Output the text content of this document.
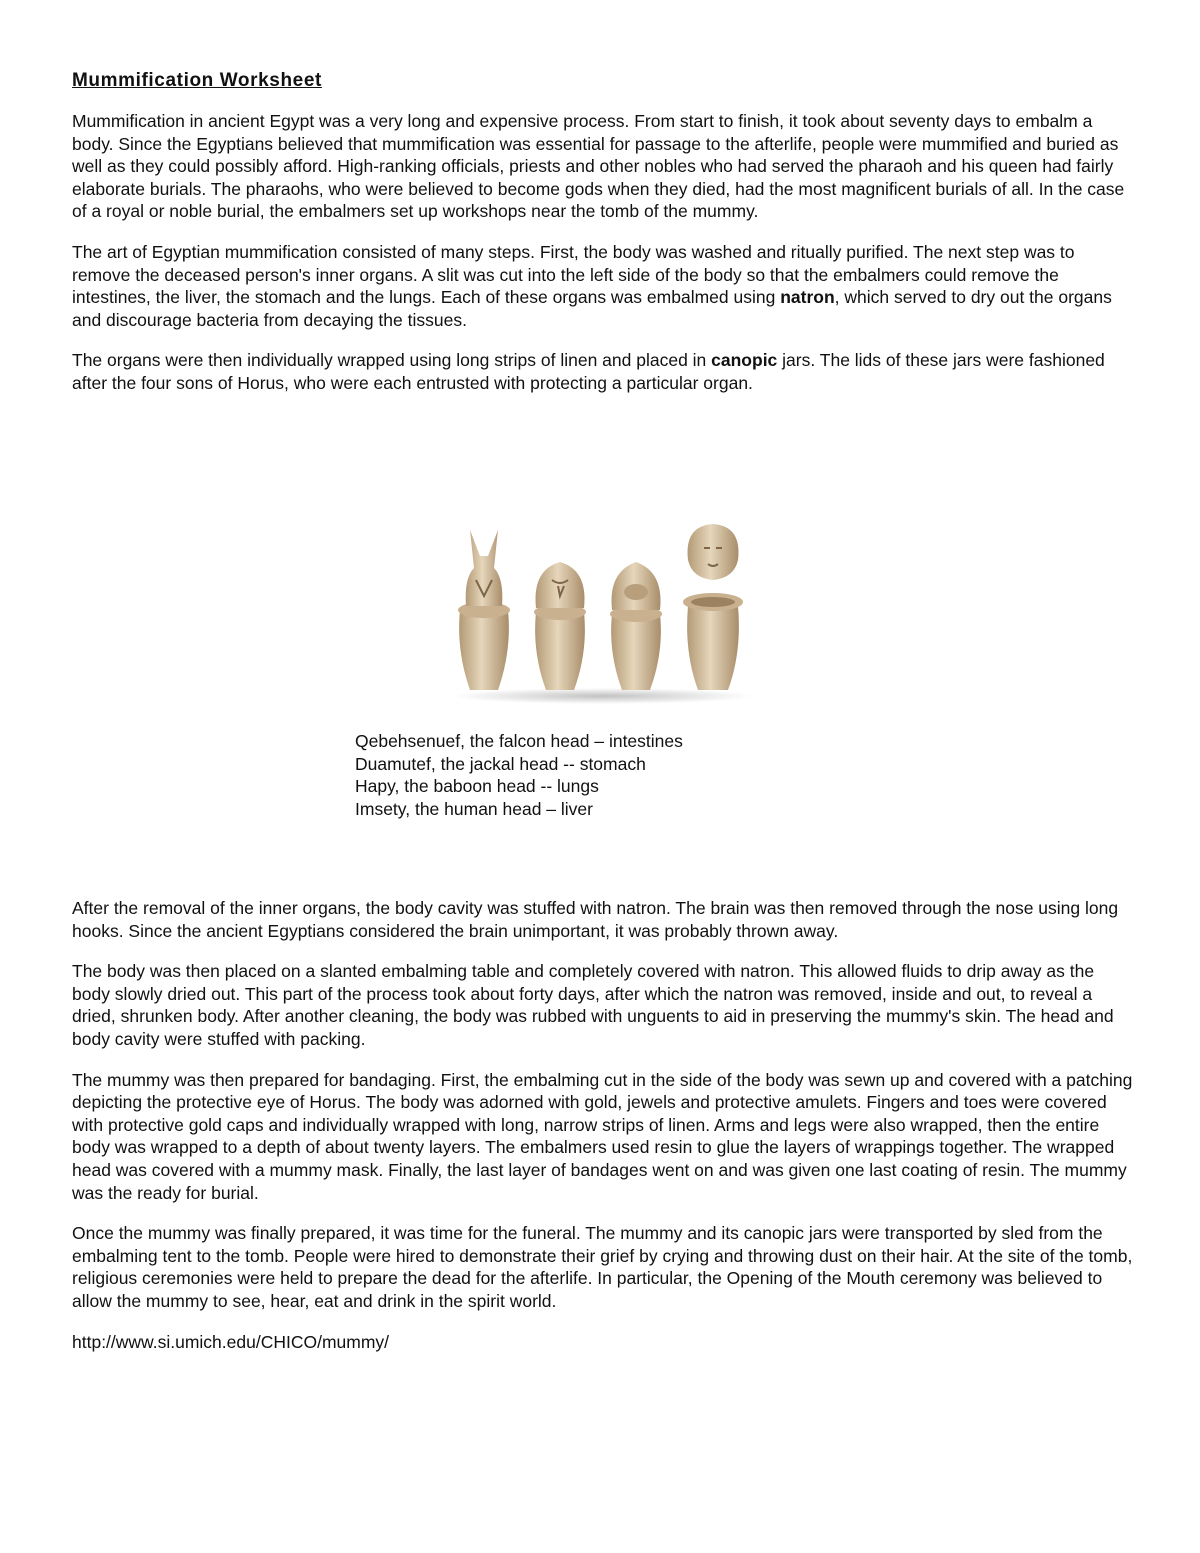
Mummification Worksheet

Mummification in ancient Egypt was a very long and expensive process. From start to finish, it took about seventy days to embalm a body. Since the Egyptians believed that mummification was essential for passage to the afterlife, people were mummified and buried as well as they could possibly afford. High-ranking officials, priests and other nobles who had served the pharaoh and his queen had fairly elaborate burials. The pharaohs, who were believed to become gods when they died, had the most magnificent burials of all. In the case of a royal or noble burial, the embalmers set up workshops near the tomb of the mummy.

The art of Egyptian mummification consisted of many steps. First, the body was washed and ritually purified. The next step was to remove the deceased person's inner organs. A slit was cut into the left side of the body so that the embalmers could remove the intestines, the liver, the stomach and the lungs. Each of these organs was embalmed using natron, which served to dry out the organs and discourage bacteria from decaying the tissues.

The organs were then individually wrapped using long strips of linen and placed in canopic jars. The lids of these jars were fashioned after the four sons of Horus, who were each entrusted with protecting a particular organ.

Qebehsenuef, the falcon head – intestines
Duamutef, the jackal head -- stomach
Hapy, the baboon head -- lungs
Imsety, the human head – liver

After the removal of the inner organs, the body cavity was stuffed with natron. The brain was then removed through the nose using long hooks. Since the ancient Egyptians considered the brain unimportant, it was probably thrown away.

The body was then placed on a slanted embalming table and completely covered with natron. This allowed fluids to drip away as the body slowly dried out. This part of the process took about forty days, after which the natron was removed, inside and out, to reveal a dried, shrunken body. After another cleaning, the body was rubbed with unguents to aid in preserving the mummy's skin. The head and body cavity were stuffed with packing.

The mummy was then prepared for bandaging. First, the embalming cut in the side of the body was sewn up and covered with a patching depicting the protective eye of Horus. The body was adorned with gold, jewels and protective amulets. Fingers and toes were covered with protective gold caps and individually wrapped with long, narrow strips of linen. Arms and legs were also wrapped, then the entire body was wrapped to a depth of about twenty layers. The embalmers used resin to glue the layers of wrappings together. The wrapped head was covered with a mummy mask. Finally, the last layer of bandages went on and was given one last coating of resin. The mummy was the ready for burial.

Once the mummy was finally prepared, it was time for the funeral. The mummy and its canopic jars were transported by sled from the embalming tent to the tomb. People were hired to demonstrate their grief by crying and throwing dust on their hair. At the site of the tomb, religious ceremonies were held to prepare the dead for the afterlife. In particular, the Opening of the Mouth ceremony was believed to allow the mummy to see, hear, eat and drink in the spirit world.

http://www.si.umich.edu/CHICO/mummy/
